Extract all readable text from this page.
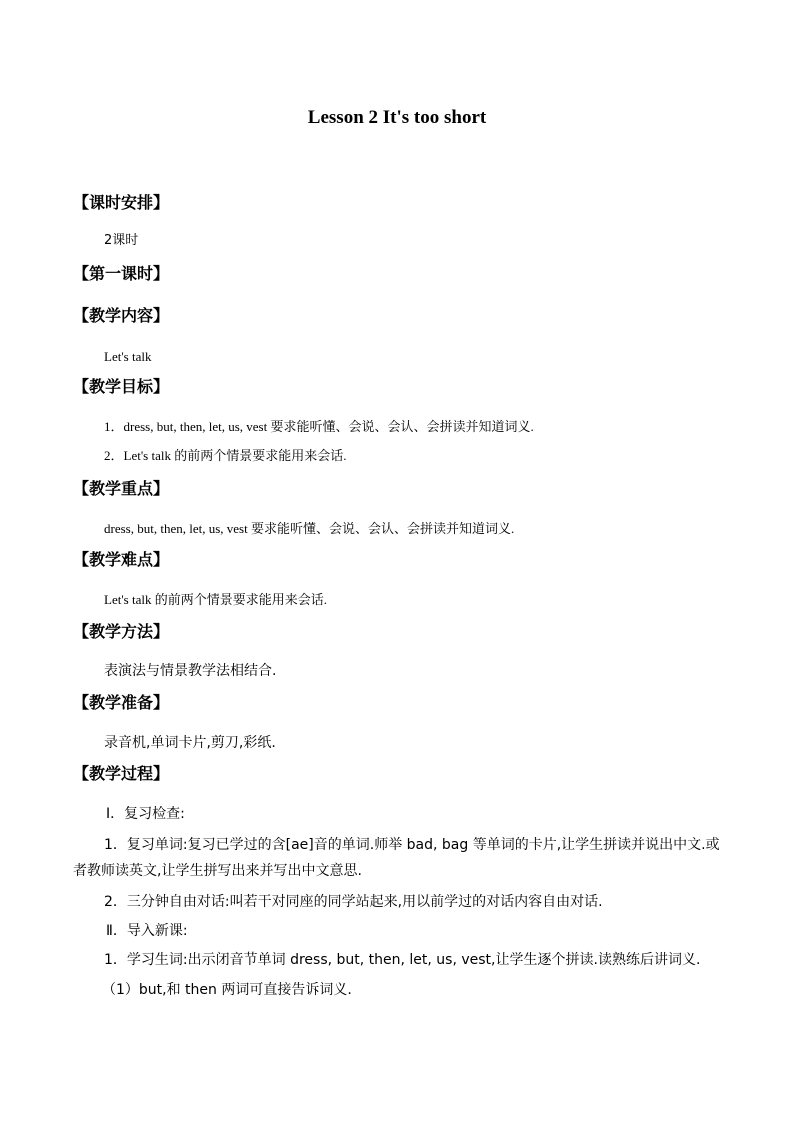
Lesson 2 It's too short
【课时安排】
2课时
【第一课时】
【教学内容】
Let's talk
【教学目标】
1．dress, but, then, let, us, vest 要求能听懂、会说、会认、会拼读并知道词义.
2．Let's talk 的前两个情景要求能用来会话.
【教学重点】
dress, but, then, let, us, vest 要求能听懂、会说、会认、会拼读并知道词义.
【教学难点】
Let's talk 的前两个情景要求能用来会话.
【教学方法】
表演法与情景教学法相结合.
【教学准备】
录音机,单词卡片,剪刀,彩纸.
【教学过程】
Ⅰ．复习检查:
1．复习单词:复习已学过的含[ae]音的单词.师举 bad, bag 等单词的卡片,让学生拼读并说出中文.或者教师读英文,让学生拼写出来并写出中文意思.
2．三分钟自由对话:叫若干对同座的同学站起来,用以前学过的对话内容自由对话.
Ⅱ．导入新课:
1．学习生词:出示闭音节单词 dress, but, then, let, us, vest,让学生逐个拼读.读熟练后讲词义.
（1）but,和 then 两词可直接告诉词义.
